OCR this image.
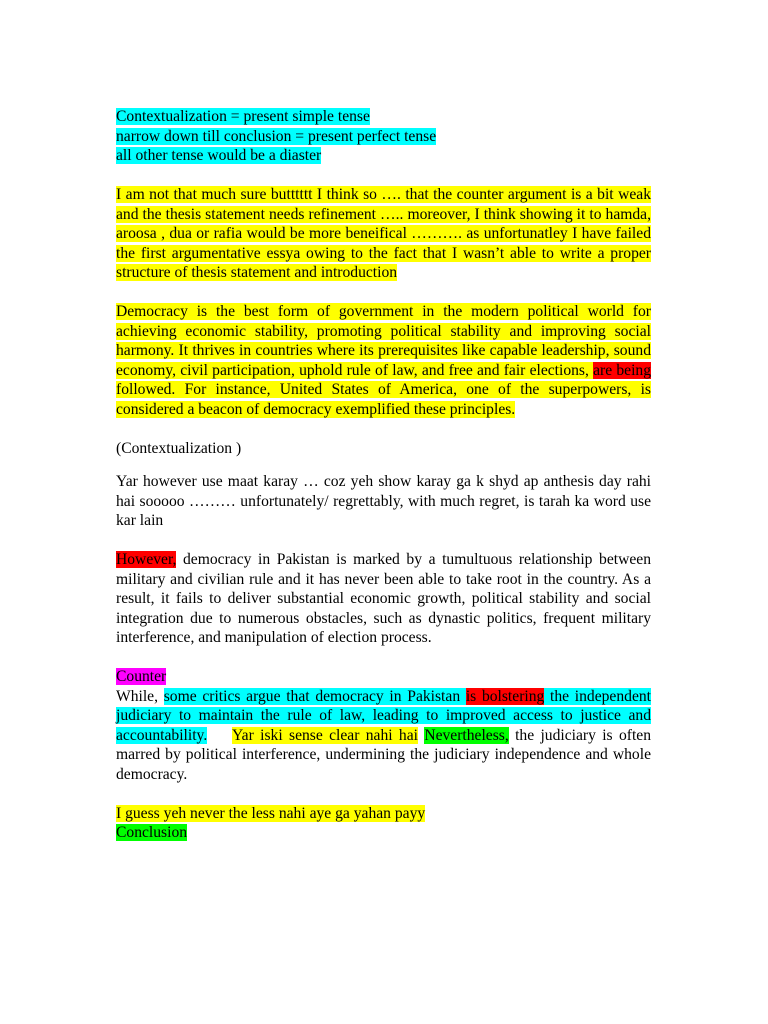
Contextualization = present simple tense
narrow down till conclusion = present perfect tense
all other tense would be a diaster

I am not that much sure butttttt I think so …. that the counter argument is a bit weak and the thesis statement needs refinement ….. moreover, I think showing it to hamda, aroosa , dua or rafia would be more beneifical ………. as unfortunatley I have failed the first argumentative essya owing to the fact that I wasn’t able to write a proper structure of thesis statement and introduction

Democracy is the best form of government in the modern political world for achieving economic stability, promoting political stability and improving social harmony. It thrives in countries where its prerequisites like capable leadership, sound economy, civil participation, uphold rule of law, and free and fair elections, are being followed. For instance, United States of America, one of the superpowers, is considered a beacon of democracy exemplified these principles.

(Contextualization )

Yar however use maat karay … coz yeh show karay ga k shyd ap anthesis day rahi hai sooooo ……… unfortunately/ regrettably, with much regret, is tarah ka word use kar lain

However, democracy in Pakistan is marked by a tumultuous relationship between military and civilian rule and it has never been able to take root in the country. As a result, it fails to deliver substantial economic growth, political stability and social integration due to numerous obstacles, such as dynastic politics, frequent military interference, and manipulation of election process.

Counter

While, some critics argue that democracy in Pakistan is bolstering the independent judiciary to maintain the rule of law, leading to improved access to justice and accountability. Yar iski sense clear nahi hai Nevertheless, the judiciary is often marred by political interference, undermining the judiciary independence and whole democracy.

I guess yeh never the less nahi aye ga yahan payy
Conclusion
